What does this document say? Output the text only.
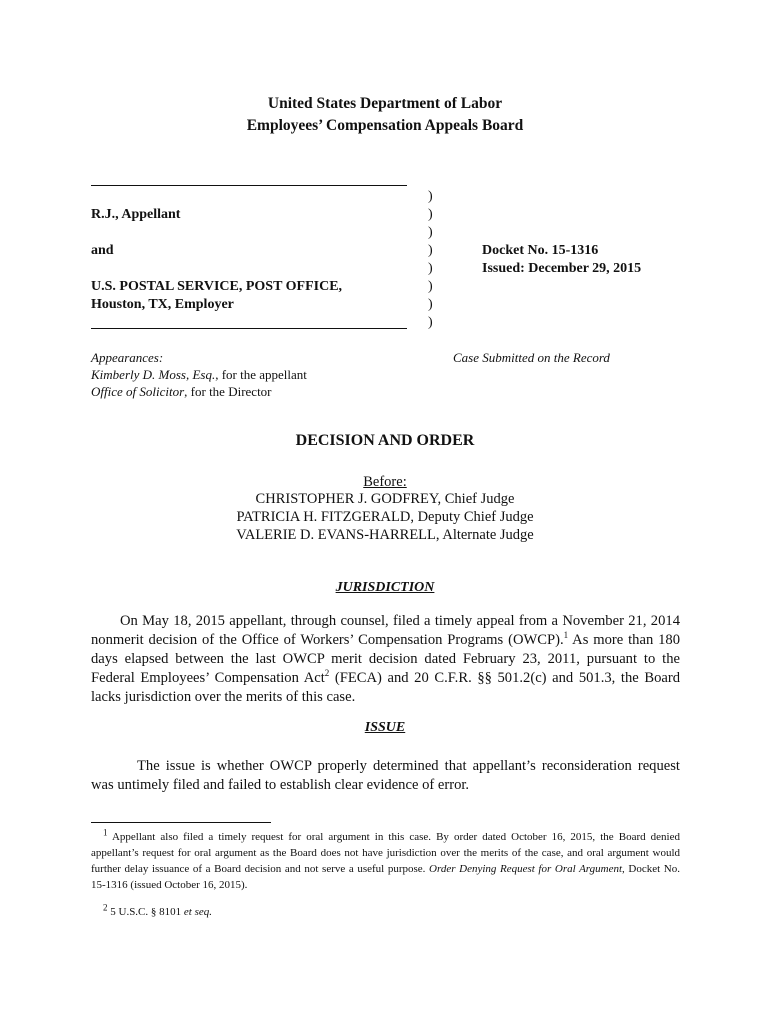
United States Department of Labor
Employees’ Compensation Appeals Board
R.J., Appellant
and
U.S. POSTAL SERVICE, POST OFFICE,
Houston, TX, Employer
)
)
)
)
)
)
)
)
Docket No. 15-1316
Issued: December 29, 2015
Appearances:
Kimberly D. Moss, Esq., for the appellant
Office of Solicitor, for the Director
Case Submitted on the Record
DECISION AND ORDER
Before:
CHRISTOPHER J. GODFREY, Chief Judge
PATRICIA H. FITZGERALD, Deputy Chief Judge
VALERIE D. EVANS-HARRELL, Alternate Judge
JURISDICTION
On May 18, 2015 appellant, through counsel, filed a timely appeal from a November 21, 2014 nonmerit decision of the Office of Workers’ Compensation Programs (OWCP).$^1$ As more than 180 days elapsed between the last OWCP merit decision dated February 23, 2011, pursuant to the Federal Employees’ Compensation Act$^2$ (FECA) and 20 C.F.R. §§ 501.2(c) and 501.3, the Board lacks jurisdiction over the merits of this case.
ISSUE
The issue is whether OWCP properly determined that appellant’s reconsideration request was untimely filed and failed to establish clear evidence of error.
$^1$ Appellant also filed a timely request for oral argument in this case. By order dated October 16, 2015, the Board denied appellant’s request for oral argument as the Board does not have jurisdiction over the merits of the case, and oral argument would further delay issuance of a Board decision and not serve a useful purpose. Order Denying Request for Oral Argument, Docket No. 15-1316 (issued October 16, 2015).
$^2$ 5 U.S.C. § 8101 et seq.
